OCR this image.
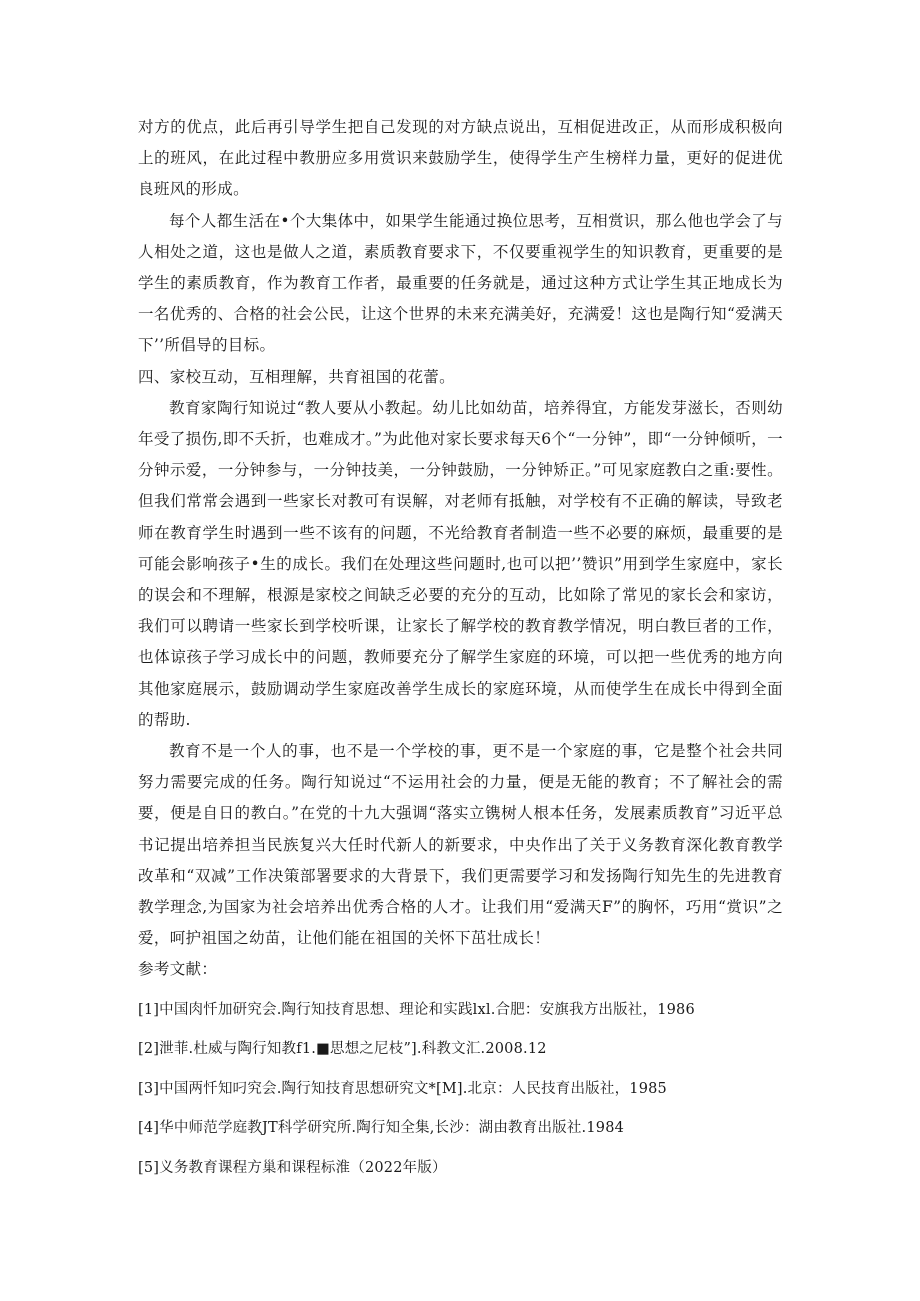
对方的优点，此后再引导学生把自己发现的对方缺点说出，互相促进改正，从而形成积极向上的班风，在此过程中教册应多用赏识来鼓励学生，使得学生产生榜样力量，更好的促进优良班风的形成。

每个人都生活在•个大集体中，如果学生能通过换位思考，互相赏识，那么他也学会了与人相处之道，这也是做人之道，素质教育要求下，不仅要重视学生的知识教育，更重要的是学生的素质教育，作为教育工作者，最重要的任务就是，通过这种方式让学生其正地成长为一名优秀的、合格的社会公民，让这个世界的未来充满美好，充满爱！这也是陶行知“爱满天下’’所倡导的目标。

四、家校互动，互相理解，共育祖国的花蕾。

教育家陶行知说过“教人要从小教起。幼儿比如幼苗，培养得宜，方能发芽滋长，否则幼年受了损伤,即不夭折，也难成才。”为此他对家长要求每天6个“一分钟”，即“一分钟倾听，一分钟示爱，一分钟参与，一分钟技美，一分钟鼓励，一分钟矫正。”可见家庭教白之重:要性。但我们常常会遇到一些家长对教可有误解，对老师有抵触，对学校有不正确的解读，导致老师在教育学生时遇到一些不该有的问题，不光给教育者制造一些不必要的麻烦，最重要的是可能会影响孩子•生的成长。我们在处理这些问题时,也可以把’’赞识”用到学生家庭中，家长的误会和不理解，根源是家校之间缺乏必要的充分的互动，比如除了常见的家长会和家访，我们可以聘请一些家长到学校听课，让家长了解学校的教育教学情况，明白教巨者的工作，也体谅孩子学习成长中的问题，教师要充分了解学生家庭的环境，可以把一些优秀的地方向其他家庭展示，鼓励调动学生家庭改善学生成长的家庭环境，从而使学生在成长中得到全面的帮助.

教育不是一个人的事，也不是一个学校的事，更不是一个家庭的事，它是整个社会共同努力需要完成的任务。陶行知说过“不运用社会的力量，便是无能的教育；不了解社会的需要，便是自日的教白。”在党的十九大强调“落实立镌树人根本任务，发展素质教育”习近平总书记提出培养担当民族复兴大任时代新人的新要求，中央作出了关于义务教育深化教育教学改革和“双减”工作决策部署要求的大背景下，我们更需要学习和发扬陶行知先生的先进教育教学理念,为国家为社会培养出优秀合格的人才。让我们用“爱满天F”的胸怀，巧用“赏识”之爱，呵护祖国之幼苗，让他们能在祖国的关怀下茁壮成长！

参考文献：

[1]中国肉忏加研究会.陶行知技育思想、理论和实践lxl.合肥：安旗我方出版社，1986
[2]泄菲.杜威与陶行知教f1.■思想之尼枝”].科教文汇.2008.12
[3]中国两忏知叼究会.陶行知技育思想研究文*[M].北京：人民技育出版社，1985
[4]华中师范学庭教JT科学研究所.陶行知全集,长沙：湖由教育出版社.1984
[5]义务教育课程方巢和课程标淮（2022年版）
